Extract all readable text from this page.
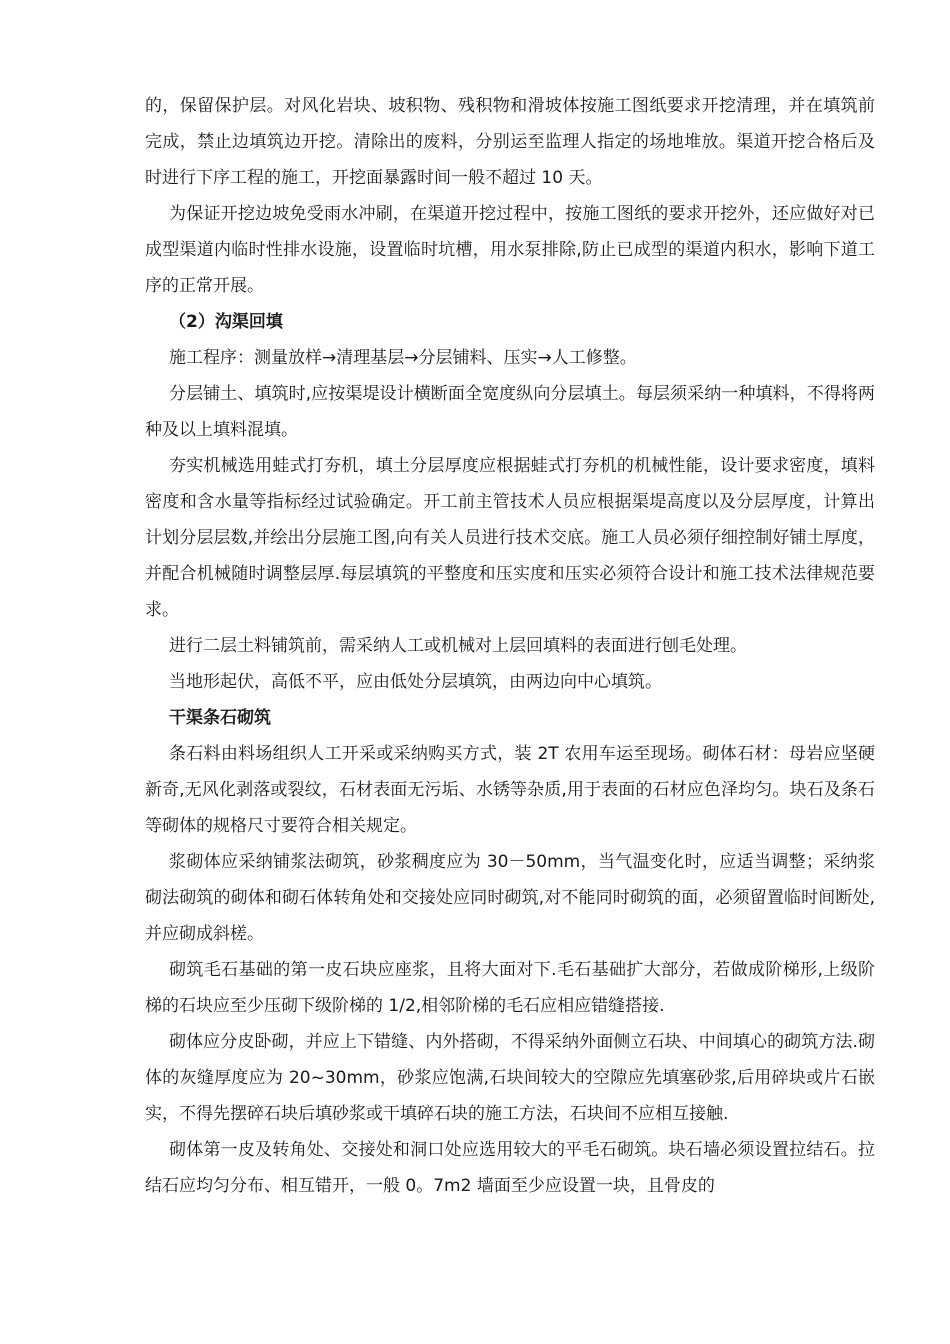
的，保留保护层。对风化岩块、坡积物、残积物和滑坡体按施工图纸要求开挖清理，并在填筑前完成，禁止边填筑边开挖。清除出的废料，分别运至监理人指定的场地堆放。渠道开挖合格后及时进行下序工程的施工，开挖面暴露时间一般不超过 10 天。

为保证开挖边坡免受雨水冲刷，在渠道开挖过程中，按施工图纸的要求开挖外，还应做好对已成型渠道内临时性排水设施，设置临时坑槽，用水泵排除,防止已成型的渠道内积水，影响下道工序的正常开展。

（2）沟渠回填

施工程序：测量放样→清理基层→分层铺料、压实→人工修整。

分层铺土、填筑时,应按渠堤设计横断面全宽度纵向分层填土。每层须采纳一种填料，不得将两种及以上填料混填。

夯实机械选用蛙式打夯机，填土分层厚度应根据蛙式打夯机的机械性能，设计要求密度，填料密度和含水量等指标经过试验确定。开工前主管技术人员应根据渠堤高度以及分层厚度，计算出计划分层层数,并绘出分层施工图,向有关人员进行技术交底。施工人员必须仔细控制好铺土厚度，并配合机械随时调整层厚.每层填筑的平整度和压实度和压实必须符合设计和施工技术法律规范要求。

进行二层土料铺筑前，需采纳人工或机械对上层回填料的表面进行刨毛处理。

当地形起伏，高低不平，应由低处分层填筑，由两边向中心填筑。

干渠条石砌筑

条石料由料场组织人工开采或采纳购买方式，装 2T 农用车运至现场。砌体石材：母岩应坚硬新奇,无风化剥落或裂纹，石材表面无污垢、水锈等杂质,用于表面的石材应色泽均匀。块石及条石等砌体的规格尺寸要符合相关规定。

浆砌体应采纳铺浆法砌筑，砂浆稠度应为 30－50mm，当气温变化时，应适当调整；采纳浆砌法砌筑的砌体和砌石体转角处和交接处应同时砌筑,对不能同时砌筑的面，必须留置临时间断处,并应砌成斜槎。

砌筑毛石基础的第一皮石块应座浆，且将大面对下.毛石基础扩大部分，若做成阶梯形,上级阶梯的石块应至少压砌下级阶梯的 1/2,相邻阶梯的毛石应相应错缝搭接.

砌体应分皮卧砌，并应上下错缝、内外搭砌，不得采纳外面侧立石块、中间填心的砌筑方法.砌体的灰缝厚度应为 20~30mm，砂浆应饱满,石块间较大的空隙应先填塞砂浆,后用碎块或片石嵌实，不得先摆碎石块后填砂浆或干填碎石块的施工方法，石块间不应相互接触.

砌体第一皮及转角处、交接处和洞口处应选用较大的平毛石砌筑。块石墙必须设置拉结石。拉结石应均匀分布、相互错开，一般 0。7m2 墙面至少应设置一块，且骨皮的
